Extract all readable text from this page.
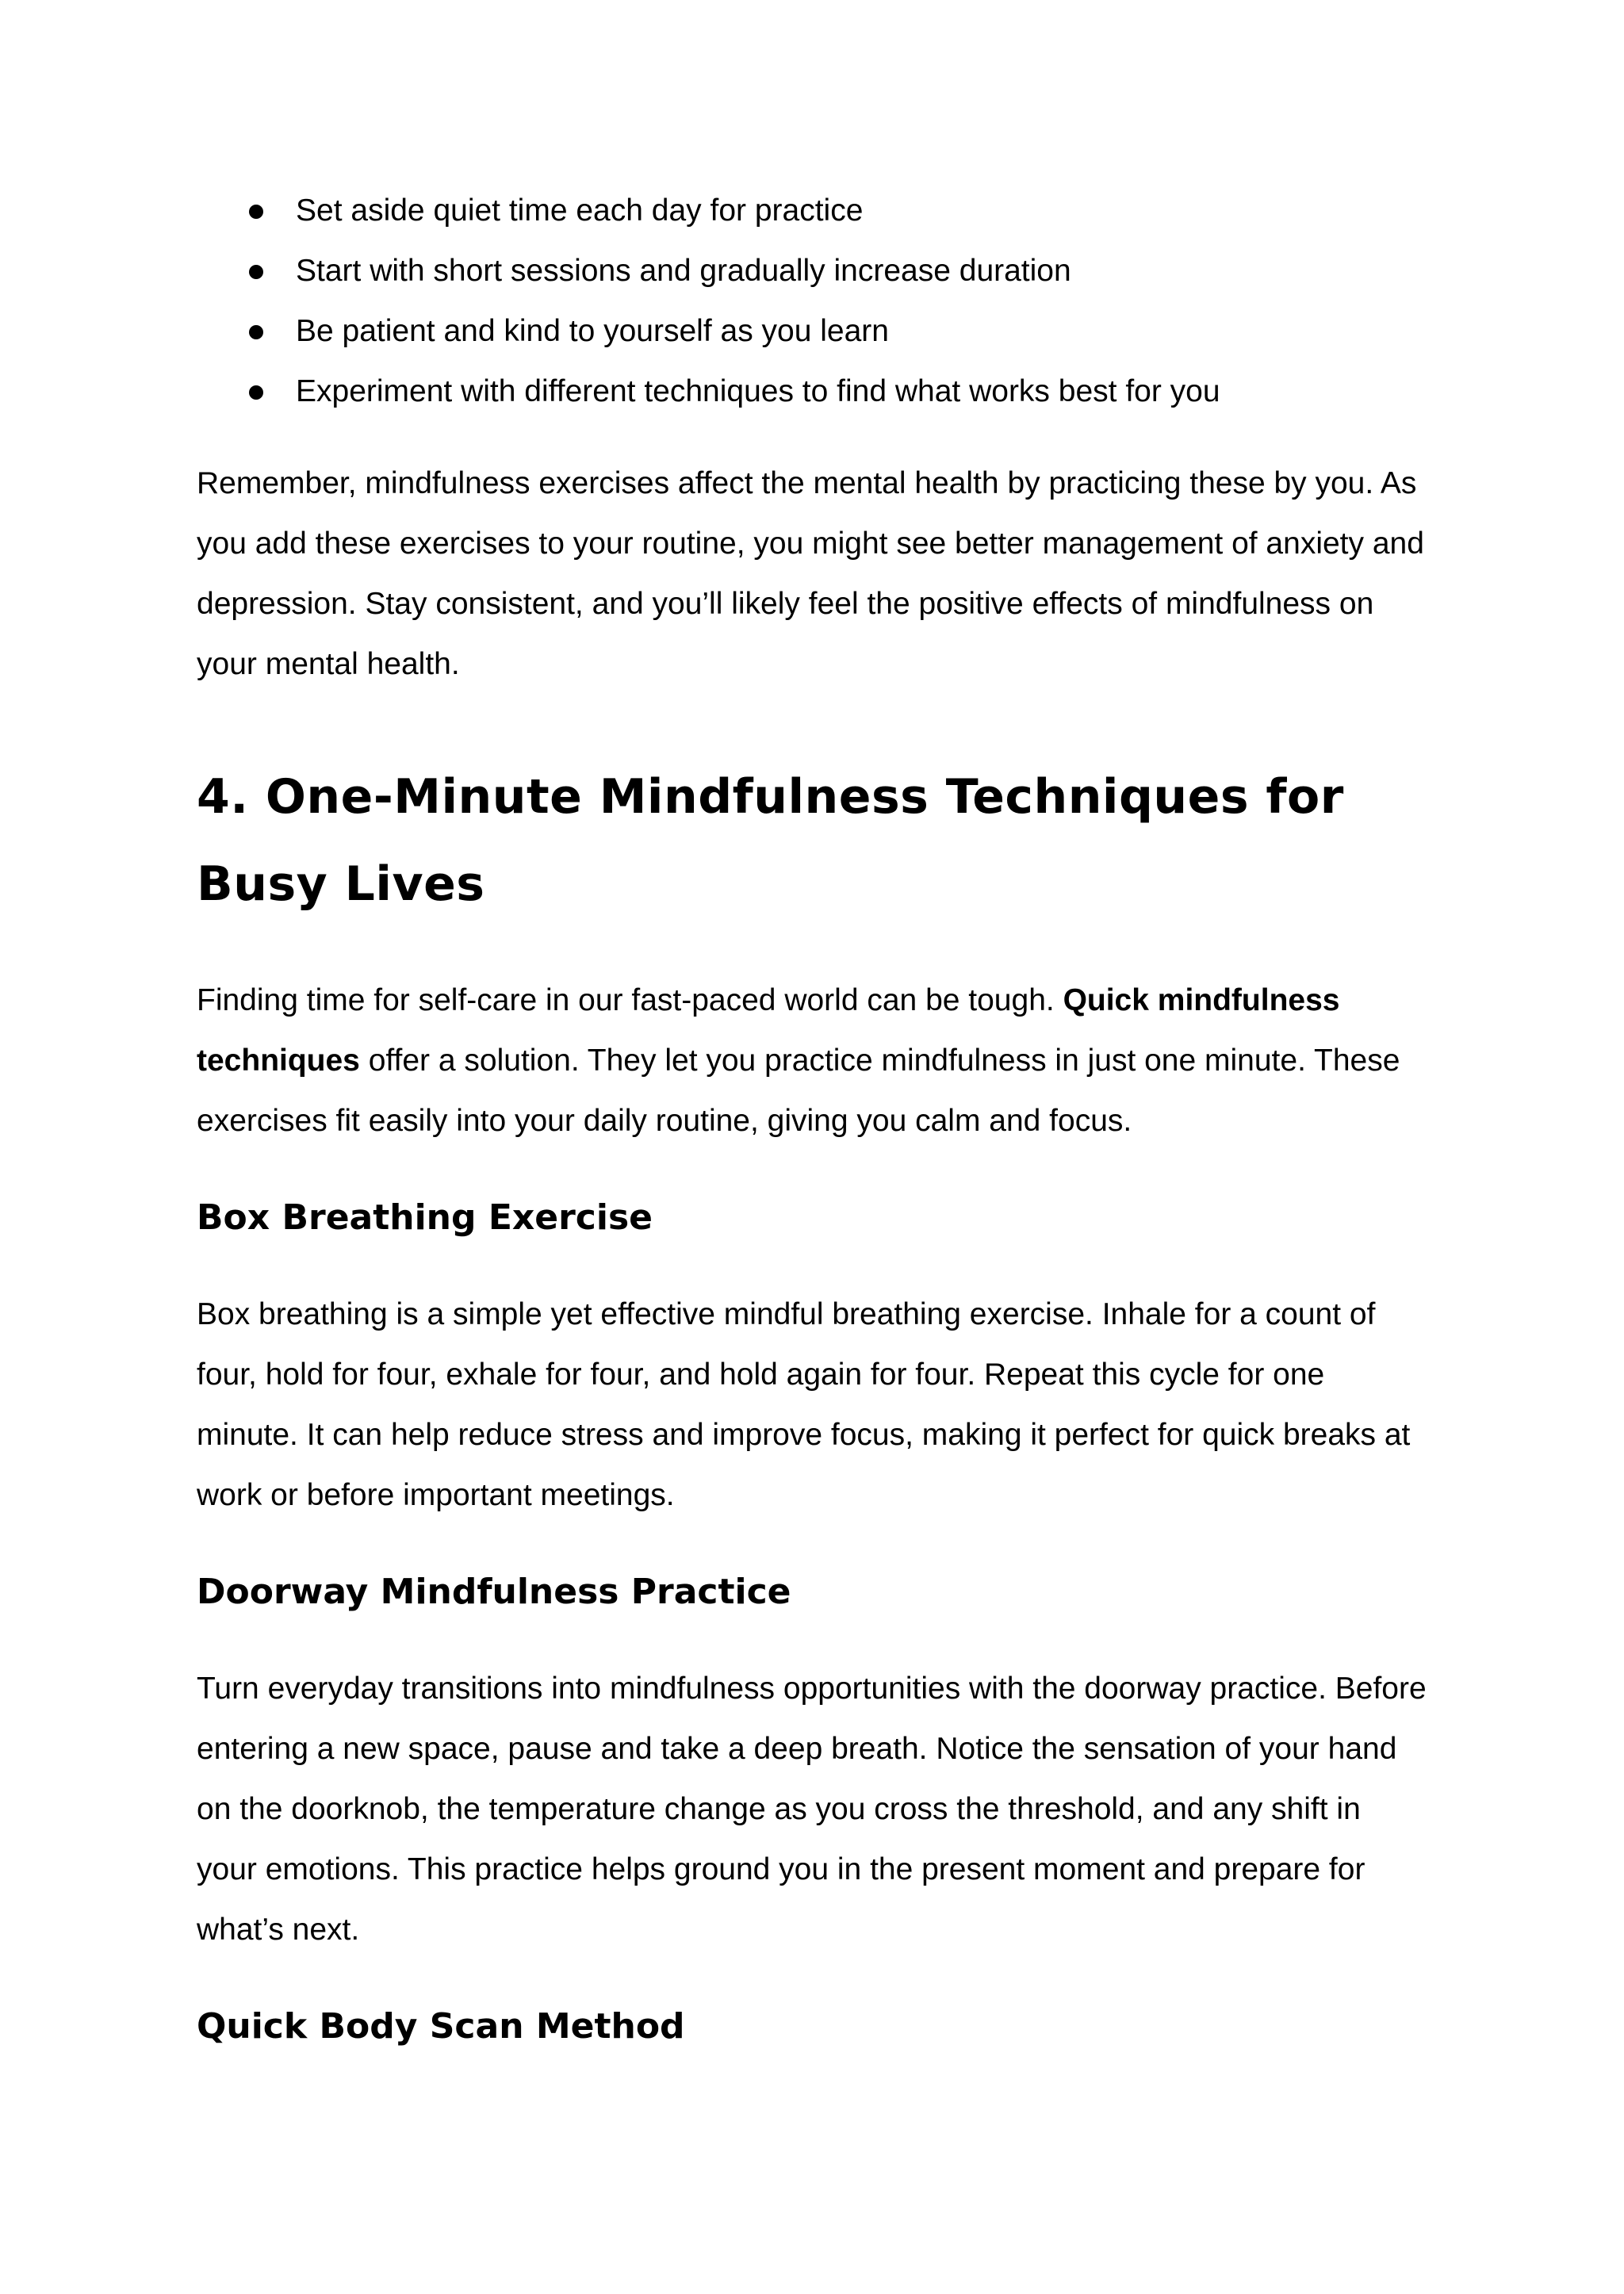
Set aside quiet time each day for practice
Start with short sessions and gradually increase duration
Be patient and kind to yourself as you learn
Experiment with different techniques to find what works best for you

Remember, mindfulness exercises affect the mental health by practicing these by you. As you add these exercises to your routine, you might see better management of anxiety and depression. Stay consistent, and you’ll likely feel the positive effects of mindfulness on your mental health.

4. One-Minute Mindfulness Techniques for Busy Lives

Finding time for self-care in our fast-paced world can be tough. Quick mindfulness techniques offer a solution. They let you practice mindfulness in just one minute. These exercises fit easily into your daily routine, giving you calm and focus.

Box Breathing Exercise

Box breathing is a simple yet effective mindful breathing exercise. Inhale for a count of four, hold for four, exhale for four, and hold again for four. Repeat this cycle for one minute. It can help reduce stress and improve focus, making it perfect for quick breaks at work or before important meetings.

Doorway Mindfulness Practice

Turn everyday transitions into mindfulness opportunities with the doorway practice. Before entering a new space, pause and take a deep breath. Notice the sensation of your hand on the doorknob, the temperature change as you cross the threshold, and any shift in your emotions. This practice helps ground you in the present moment and prepare for what’s next.

Quick Body Scan Method
